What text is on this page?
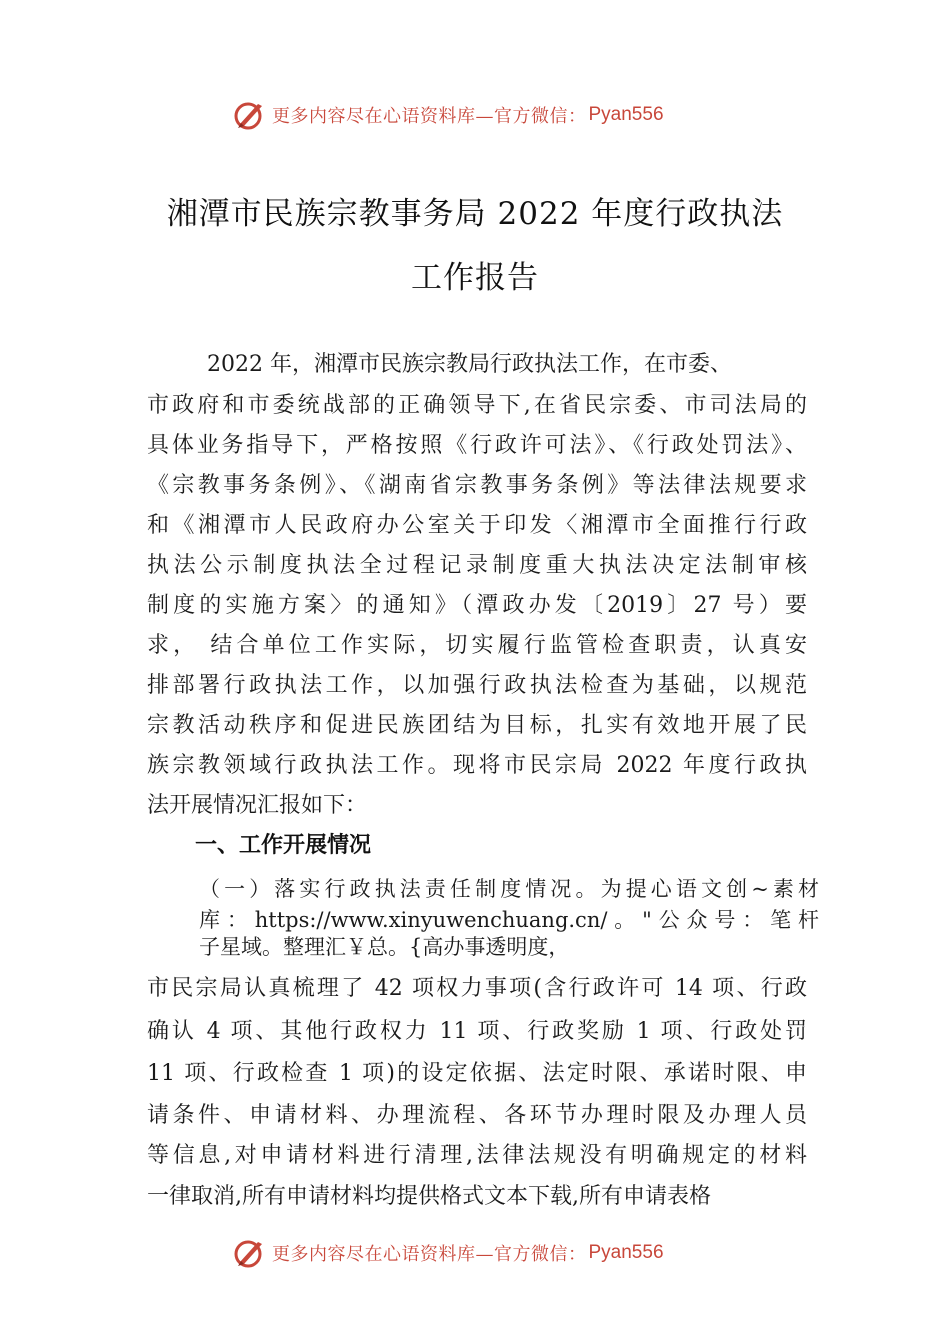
更多内容尽在心语资料库—官方微信： Pyan556
湘潭市民族宗教事务局 2022 年度行政执法
工作报告
2022 年，湘潭市民族宗教局行政执法工作，在市委、
市政府和市委统战部的正确领导下,在省民宗委、市司法局的
具体业务指导下，严格按照《行政许可法》、《行政处罚法》、
《宗教事务条例》、《湖南省宗教事务条例》等法律法规要求
和《湘潭市人民政府办公室关于印发〈湘潭市全面推行行政
执法公示制度执法全过程记录制度重大执法决定法制审核
制度的实施方案〉的通知》（潭政办发〔2019〕27 号）要
求， 结合单位工作实际，切实履行监管检查职责，认真安
排部署行政执法工作，以加强行政执法检查为基础，以规范
宗教活动秩序和促进民族团结为目标，扎实有效地开展了民
族宗教领域行政执法工作。现将市民宗局 2022 年度行政执
法开展情况汇报如下：
一、工作开展情况
（一）落实行政执法责任制度情况。为提心语文创~素材
库：https://www.xinyuwenchuang.cn/。"公众号：笔杆
子星域。整理汇￥总。{高办事透明度，
市民宗局认真梳理了 42 项权力事项(含行政许可 14 项、行政
确认 4 项、其他行政权力 11 项、行政奖励 1 项、行政处罚
11 项、行政检查 1 项)的设定依据、法定时限、承诺时限、申
请条件、申请材料、办理流程、各环节办理时限及办理人员
等信息,对申请材料进行清理,法律法规没有明确规定的材料
一律取消,所有申请材料均提供格式文本下载,所有申请表格
更多内容尽在心语资料库—官方微信： Pyan556
